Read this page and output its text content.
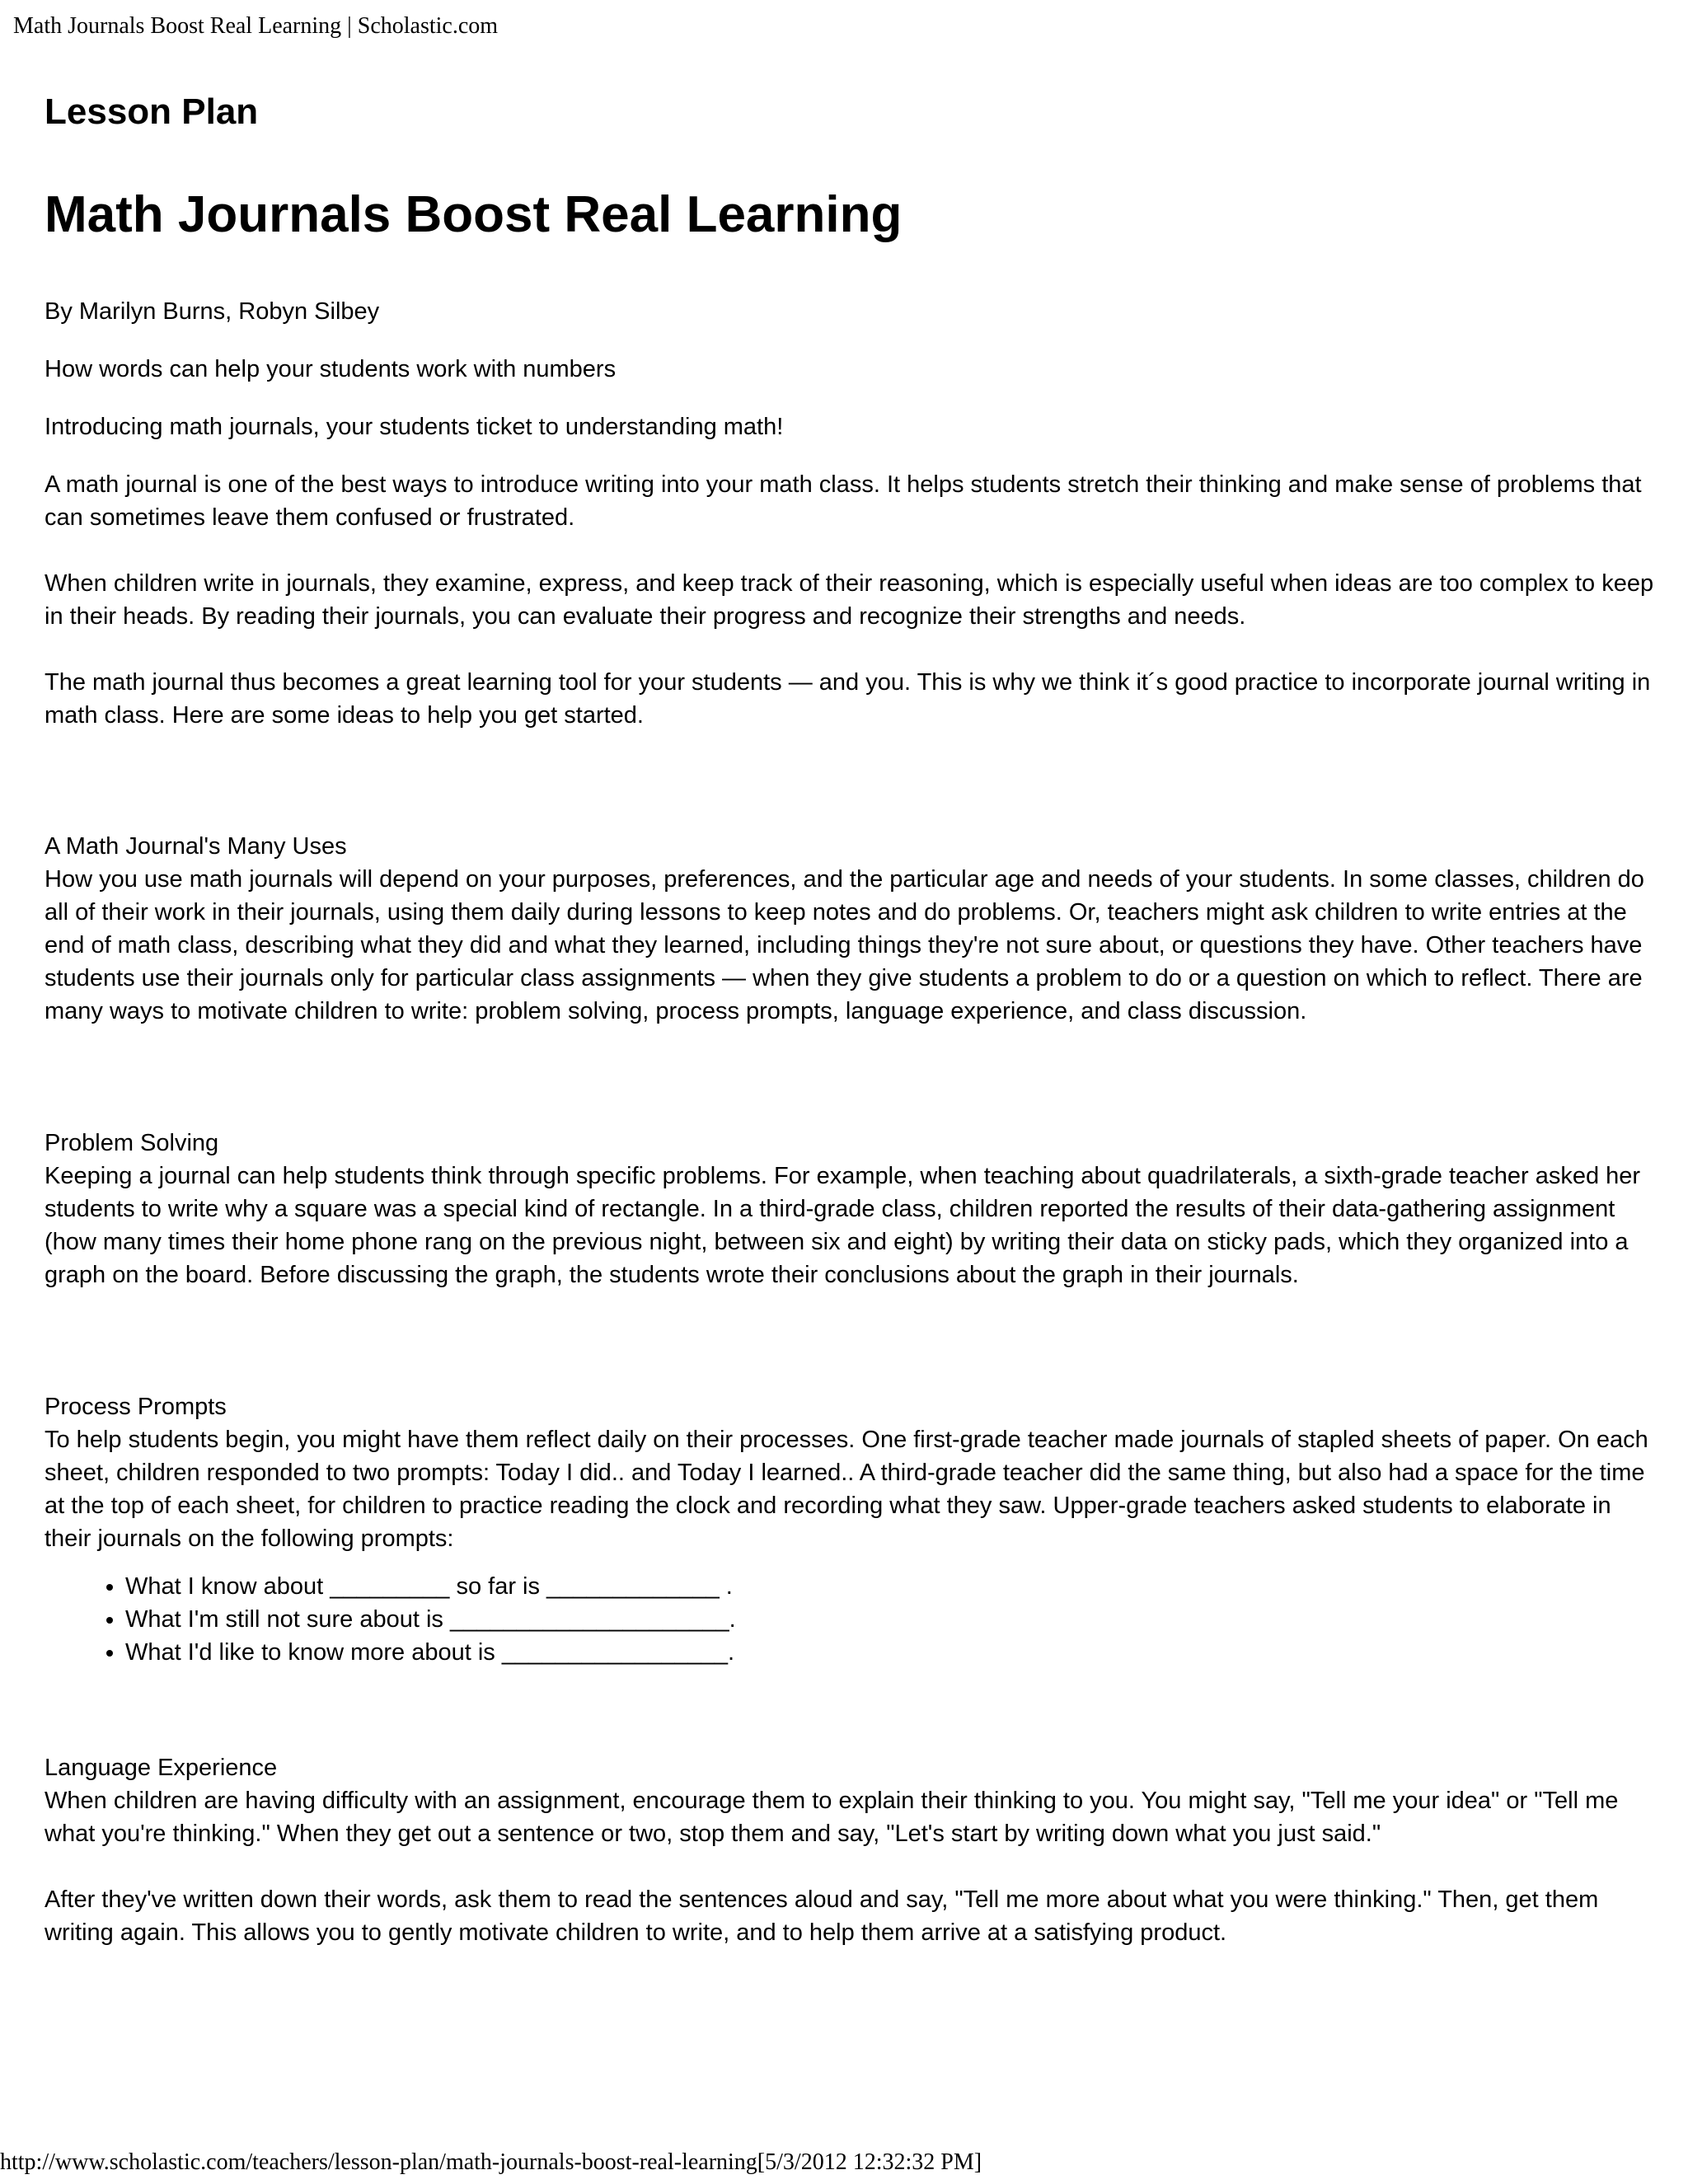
Math Journals Boost Real Learning | Scholastic.com
Lesson Plan
Math Journals Boost Real Learning

By Marilyn Burns, Robyn Silbey

How words can help your students work with numbers

Introducing math journals, your students ticket to understanding math!

A math journal is one of the best ways to introduce writing into your math class. It helps students stretch their thinking and make sense of problems that can sometimes leave them confused or frustrated.

When children write in journals, they examine, express, and keep track of their reasoning, which is especially useful when ideas are too complex to keep in their heads. By reading their journals, you can evaluate their progress and recognize their strengths and needs.

The math journal thus becomes a great learning tool for your students — and you. This is why we think it´s good practice to incorporate journal writing in math class. Here are some ideas to help you get started.

A Math Journal's Many Uses

How you use math journals will depend on your purposes, preferences, and the particular age and needs of your students. In some classes, children do all of their work in their journals, using them daily during lessons to keep notes and do problems. Or, teachers might ask children to write entries at the end of math class, describing what they did and what they learned, including things they're not sure about, or questions they have. Other teachers have students use their journals only for particular class assignments — when they give students a problem to do or a question on which to reflect. There are many ways to motivate children to write: problem solving, process prompts, language experience, and class discussion.

Problem Solving

Keeping a journal can help students think through specific problems. For example, when teaching about quadrilaterals, a sixth-grade teacher asked her students to write why a square was a special kind of rectangle. In a third-grade class, children reported the results of their data-gathering assignment (how many times their home phone rang on the previous night, between six and eight) by writing their data on sticky pads, which they organized into a graph on the board. Before discussing the graph, the students wrote their conclusions about the graph in their journals.

Process Prompts

To help students begin, you might have them reflect daily on their processes. One first-grade teacher made journals of stapled sheets of paper. On each sheet, children responded to two prompts: Today I did.. and Today I learned.. A third-grade teacher did the same thing, but also had a space for the time at the top of each sheet, for children to practice reading the clock and recording what they saw. Upper-grade teachers asked students to elaborate in their journals on the following prompts:

• What I know about _________ so far is _____________ .
• What I'm still not sure about is _____________________.
• What I'd like to know more about is _________________.

Language Experience

When children are having difficulty with an assignment, encourage them to explain their thinking to you. You might say, "Tell me your idea" or "Tell me what you're thinking." When they get out a sentence or two, stop them and say, "Let's start by writing down what you just said."

After they've written down their words, ask them to read the sentences aloud and say, "Tell me more about what you were thinking." Then, get them writing again. This allows you to gently motivate children to write, and to help them arrive at a satisfying product.

http://www.scholastic.com/teachers/lesson-plan/math-journals-boost-real-learning[5/3/2012 12:32:32 PM]
